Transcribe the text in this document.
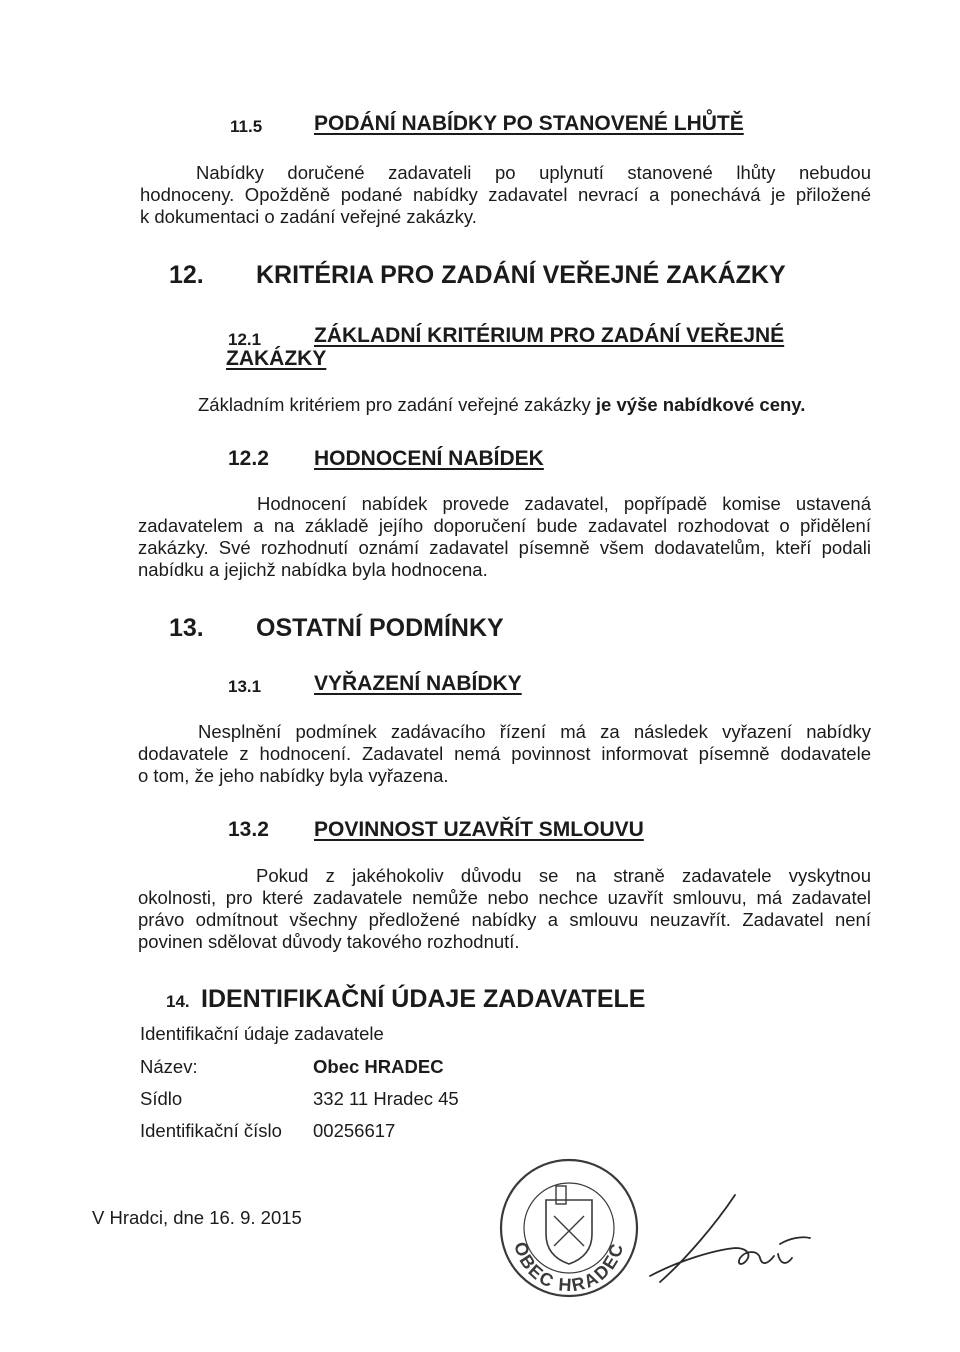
11.5 PODÁNÍ NABÍDKY PO STANOVENÉ LHŮTĚ
Nabídky doručené zadavateli po uplynutí stanovené lhůty nebudou
hodnoceny. Opožděně podané nabídky zadavatel nevrací a ponechává je přiložené
k dokumentaci o zadání veřejné zakázky.
12. KRITÉRIA PRO ZADÁNÍ VEŘEJNÉ ZAKÁZKY
12.1	ZÁKLADNÍ KRITÉRIUM PRO ZADÁNÍ VEŘEJNÉ
ZAKÁZKY
Základním kritériem pro zadání veřejné zakázky je výše nabídkové ceny.
12.2 HODNOCENÍ NABÍDEK
Hodnocení nabídek provede zadavatel, popřípadě komise ustavená
zadavatelem a na základě jejího doporučení bude zadavatel rozhodovat o přidělení
zakázky. Své rozhodnutí oznámí zadavatel písemně všem dodavatelům, kteří podali
nabídku a jejichž nabídka byla hodnocena.
13. OSTATNÍ PODMÍNKY
13.1	VYŘAZENÍ NABÍDKY
Nesplnění podmínek zadávacího řízení má za následek vyřazení nabídky
dodavatele z hodnocení. Zadavatel nemá povinnost informovat písemně dodavatele
o tom, že jeho nabídky byla vyřazena.
13.2 POVINNOST UZAVŘÍT SMLOUVU
Pokud z jakéhokoliv důvodu se na straně zadavatele vyskytnou
okolnosti, pro které zadavatele nemůže nebo nechce uzavřít smlouvu, má zadavatel
právo odmítnout všechny předložené nabídky a smlouvu neuzavřít. Zadavatel není
povinen sdělovat důvody takového rozhodnutí.
14. IDENTIFIKAČNÍ ÚDAJE ZADAVATELE
Identifikační údaje zadavatele
Název:	Obec HRADEC
Sídlo	332 11 Hradec 45
Identifikační číslo 00256617
V Hradci, dne 16. 9. 2015
OBEC HRADEC
